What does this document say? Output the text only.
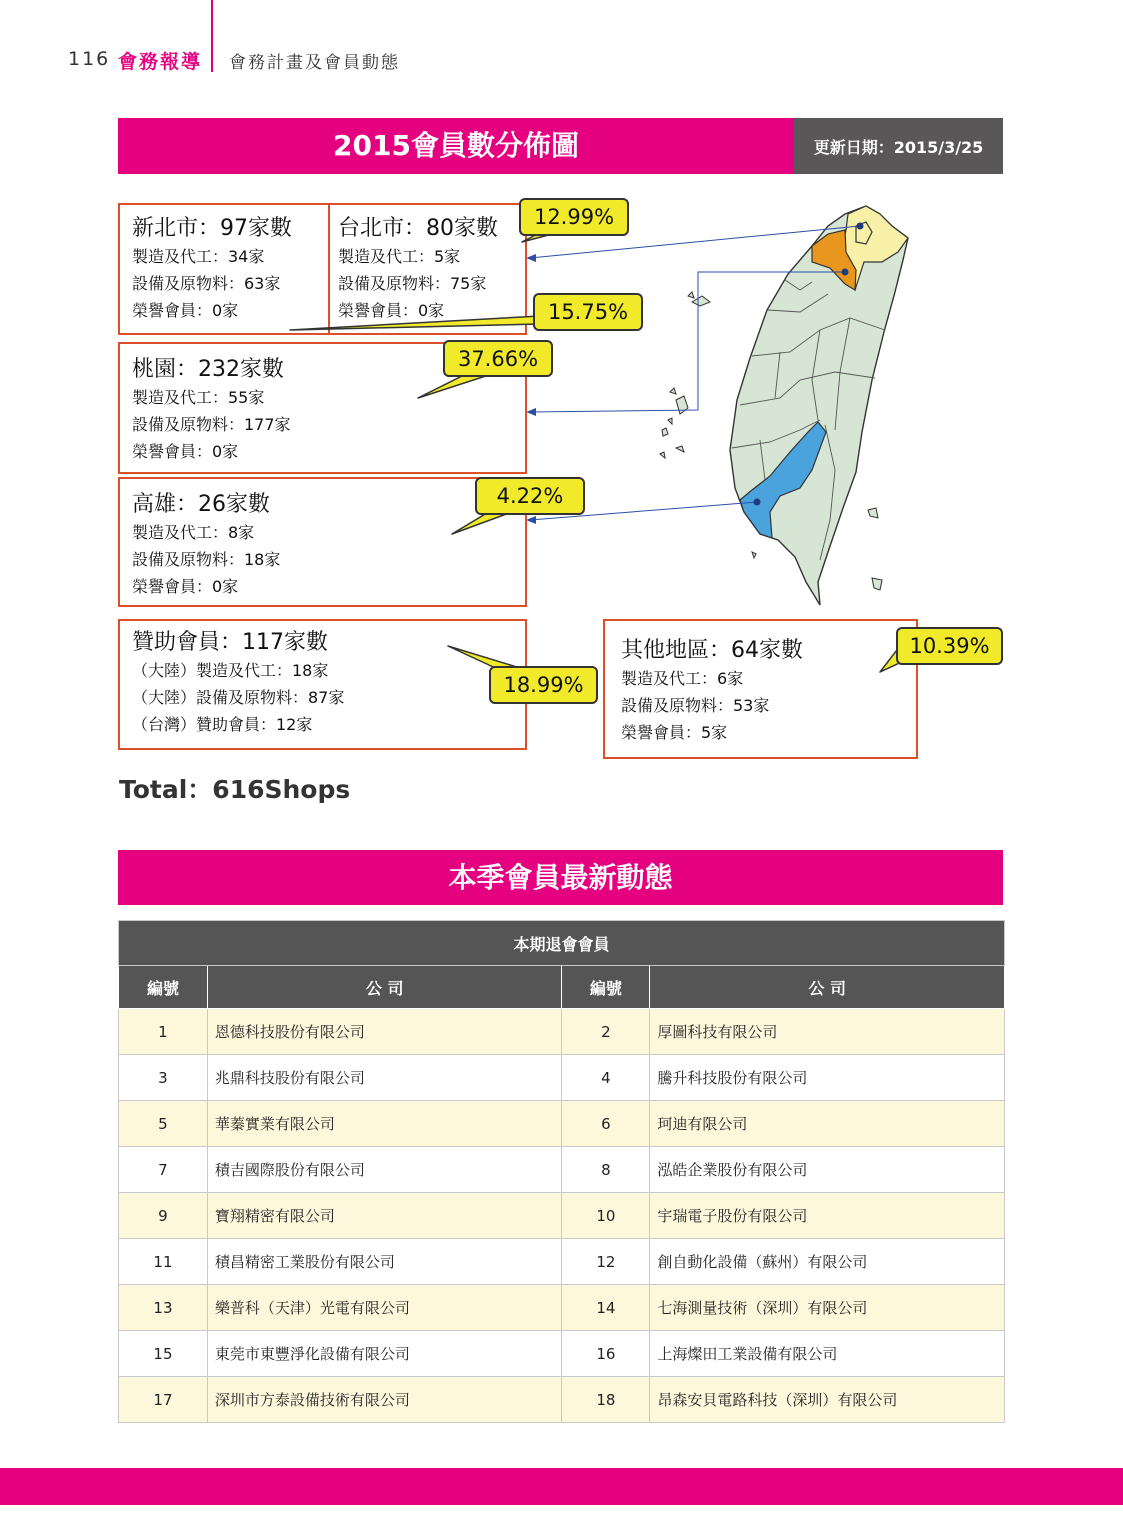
116 會務報導 會務計畫及會員動態
2015會員數分佈圖	更新日期：2015/3/25
新北市：97家數
製造及代工：34家
設備及原物料：63家
榮譽會員：0家
台北市：80家數
製造及代工：5家
設備及原物料：75家
榮譽會員：0家
桃園：232家數
製造及代工：55家
設備及原物料：177家
榮譽會員：0家
高雄：26家數
製造及代工：8家
設備及原物料：18家
榮譽會員：0家
贊助會員：117家數
（大陸）製造及代工：18家
（大陸）設備及原物料：87家
（台灣）贊助會員：12家
其他地區：64家數
製造及代工：6家
設備及原物料：53家
榮譽會員：5家
12.99%
15.75%
37.66%
4.22%
18.99%
10.39%
Total：616Shops
本季會員最新動態
本期退會會員			
編號	公 司	編號	公 司
1	恩德科技股份有限公司	2	厚圖科技有限公司
3	兆鼎科技股份有限公司	4	騰升科技股份有限公司
5	華蓁實業有限公司	6	珂迪有限公司
7	積吉國際股份有限公司	8	泓皓企業股份有限公司
9	寶翔精密有限公司	10	宇瑞電子股份有限公司
11	積昌精密工業股份有限公司	12	創自動化設備（蘇州）有限公司
13	樂普科（天津）光電有限公司	14	七海測量技術（深圳）有限公司
15	東莞市東豐淨化設備有限公司	16	上海燦田工業設備有限公司
17	深圳市方泰設備技術有限公司	18	昂森安貝電路科技（深圳）有限公司
